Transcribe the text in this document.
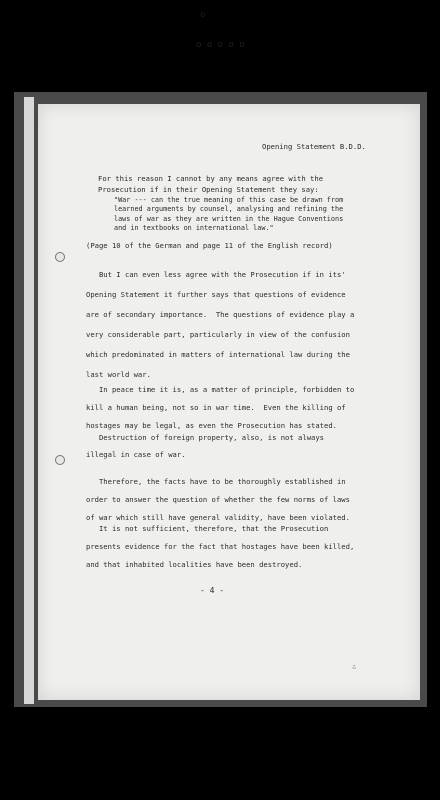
o
o o o o o
Opening Statement B.D.D.
For this reason I cannot by any means agree with the
Prosecution if in their Opening Statement they say:
"War --- can the true meaning of this case be drawn from
learned arguments by counsel, analysing and refining the
laws of war as they are written in the Hague Conventions
and in textbooks on international law."
(Page 10 of the German and page 11 of the English record)
But I can even less agree with the Prosecution if in its'
Opening Statement it further says that questions of evidence
are of secondary importance.  The questions of evidence play a
very considerable part, particularly in view of the confusion
which predominated in matters of international law during the
last world war.
In peace time it is, as a matter of principle, forbidden to
kill a human being, not so in war time.  Even the killing of
hostages may be legal, as even the Prosecution has stated.
Destruction of foreign property, also, is not always
illegal in case of war.
Therefore, the facts have to be thoroughly established in
order to answer the question of whether the few norms of laws
of war which still have general validity, have been violated.
It is not sufficient, therefore, that the Prosecution
presents evidence for the fact that hostages have been killed,
and that inhabited localities have been destroyed.
- 4 -
∴
